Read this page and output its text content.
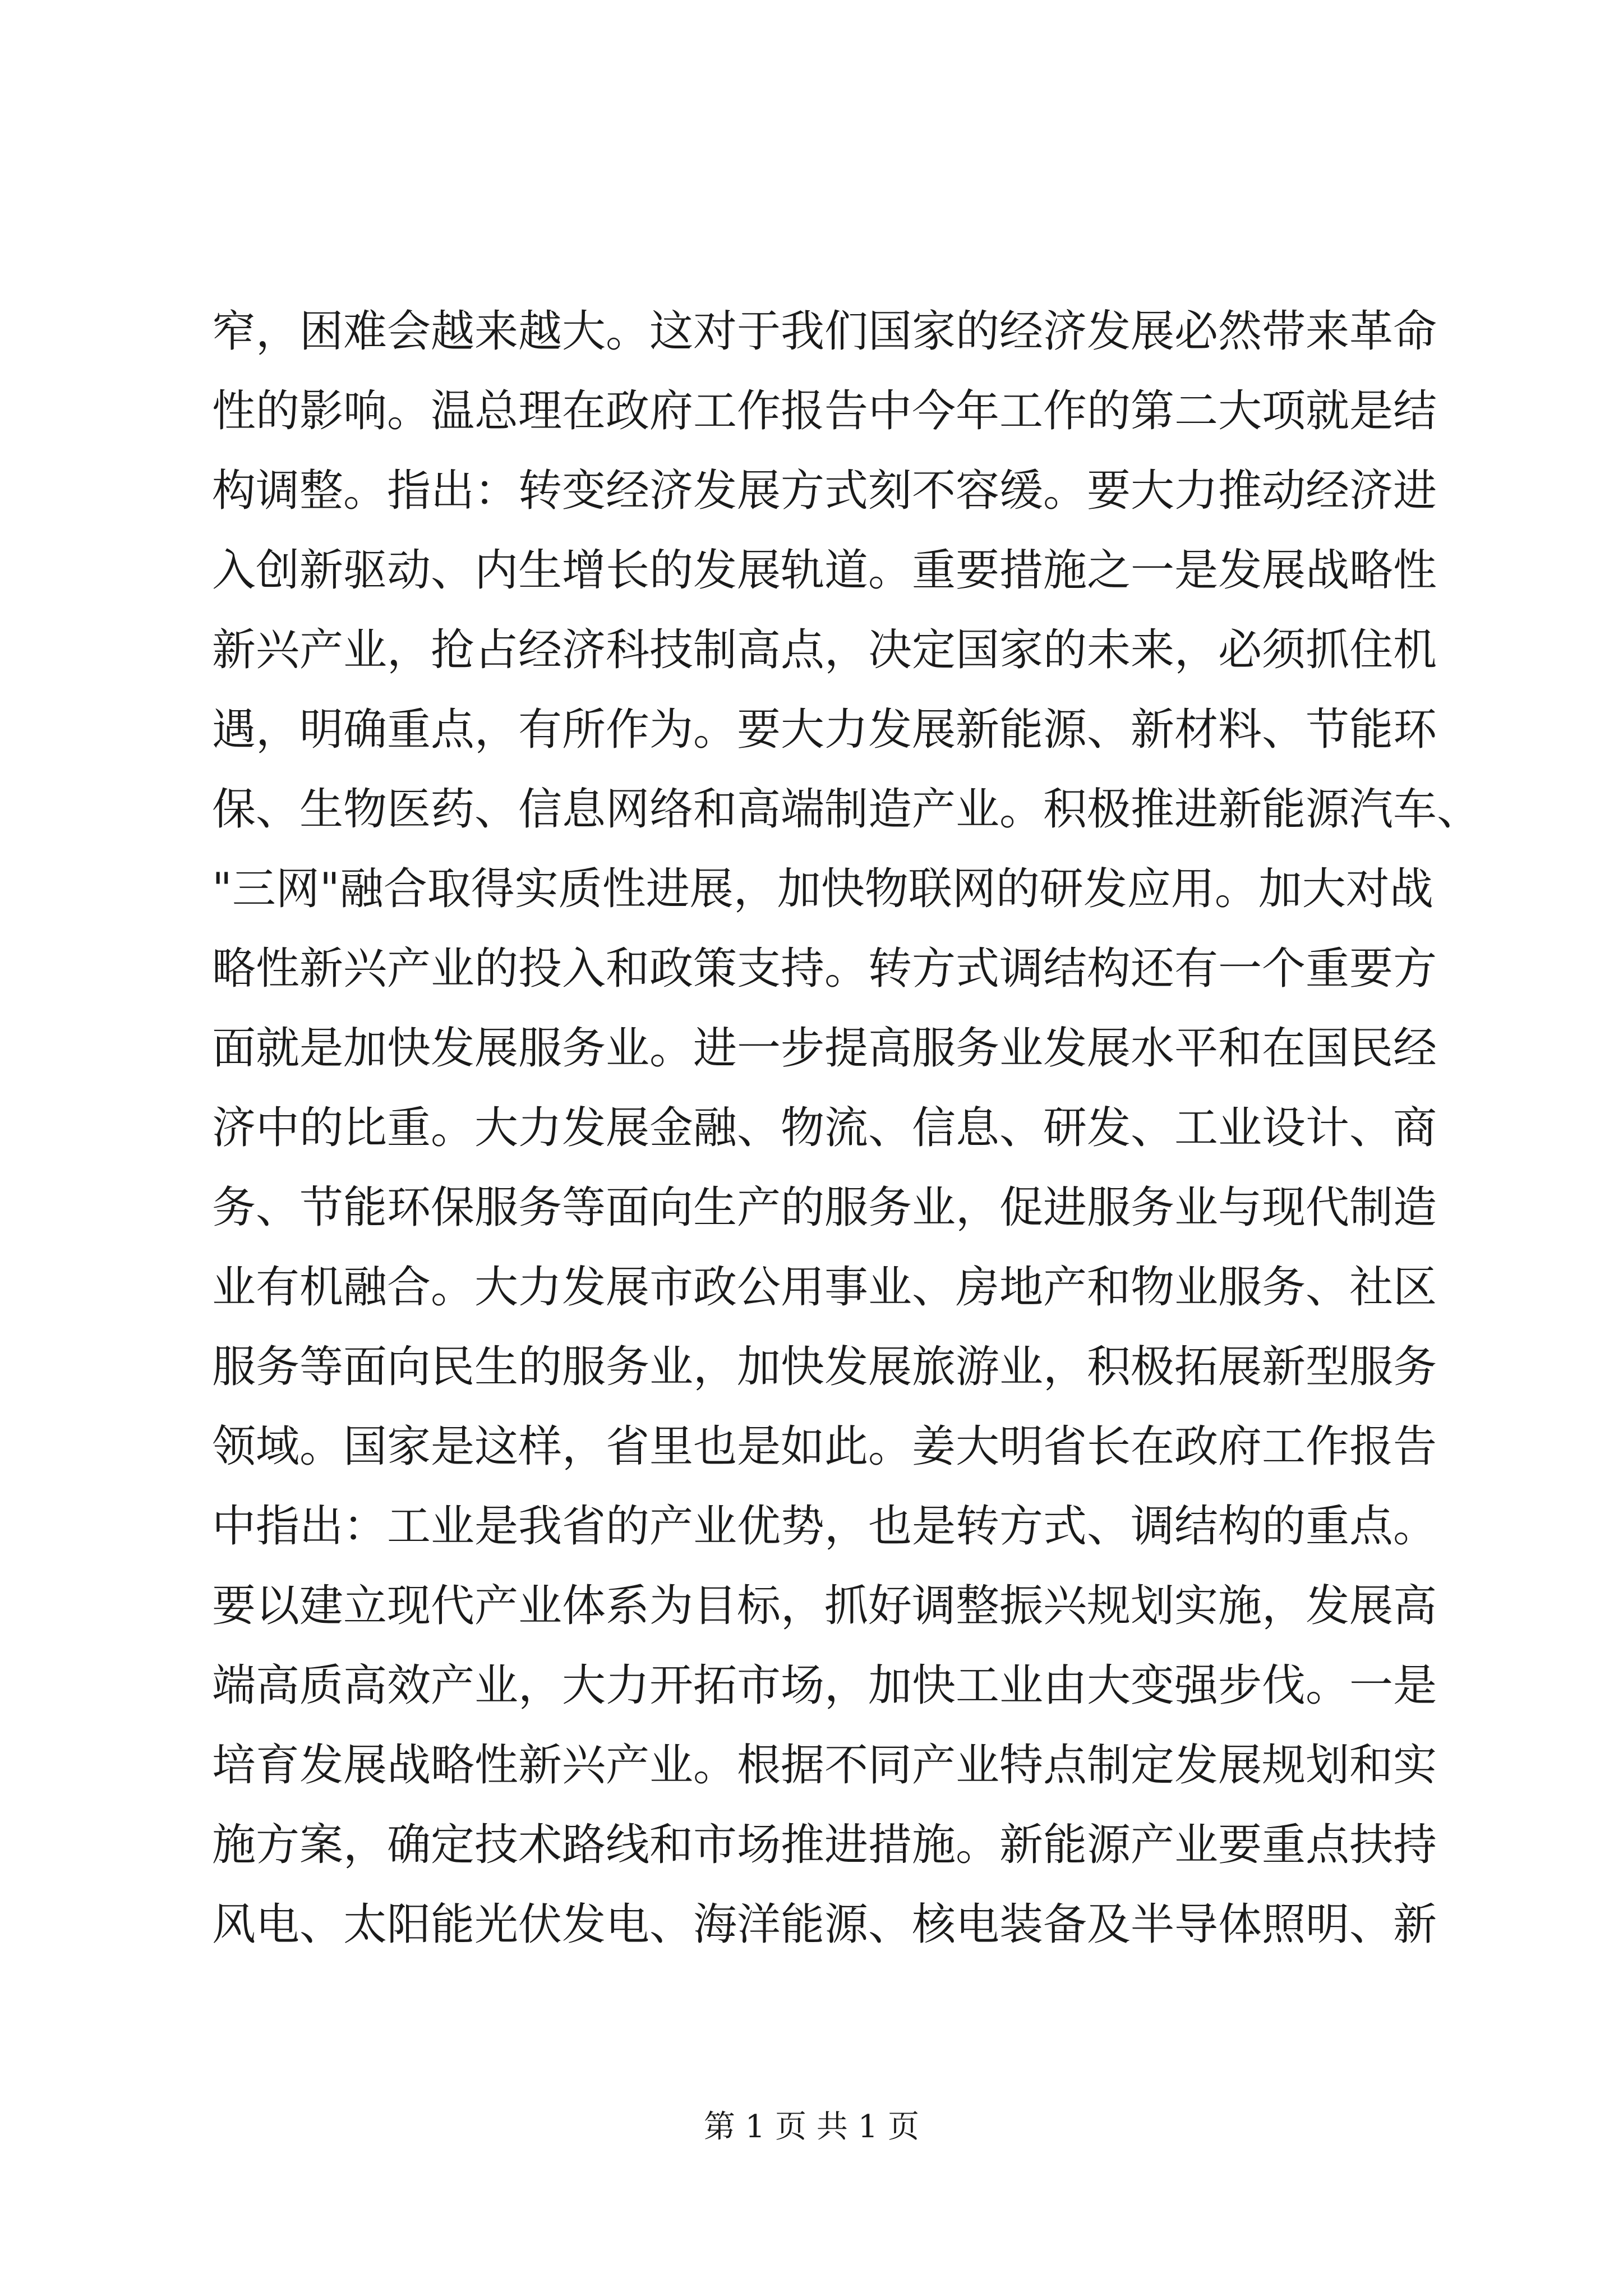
窄，困难会越来越大。这对于我们国家的经济发展必然带来革命
性的影响。温总理在政府工作报告中今年工作的第二大项就是结
构调整。指出：转变经济发展方式刻不容缓。要大力推动经济进
入创新驱动、内生增长的发展轨道。重要措施之一是发展战略性
新兴产业，抢占经济科技制高点，决定国家的未来，必须抓住机
遇，明确重点，有所作为。要大力发展新能源、新材料、节能环
保、生物医药、信息网络和高端制造产业。积极推进新能源汽车、
"三网"融合取得实质性进展，加快物联网的研发应用。加大对战
略性新兴产业的投入和政策支持。转方式调结构还有一个重要方
面就是加快发展服务业。进一步提高服务业发展水平和在国民经
济中的比重。大力发展金融、物流、信息、研发、工业设计、商
务、节能环保服务等面向生产的服务业，促进服务业与现代制造
业有机融合。大力发展市政公用事业、房地产和物业服务、社区
服务等面向民生的服务业，加快发展旅游业，积极拓展新型服务
领域。国家是这样，省里也是如此。姜大明省长在政府工作报告
中指出：工业是我省的产业优势，也是转方式、调结构的重点。
要以建立现代产业体系为目标，抓好调整振兴规划实施，发展高
端高质高效产业，大力开拓市场，加快工业由大变强步伐。一是
培育发展战略性新兴产业。根据不同产业特点制定发展规划和实
施方案，确定技术路线和市场推进措施。新能源产业要重点扶持
风电、太阳能光伏发电、海洋能源、核电装备及半导体照明、新
第 1 页 共 1 页
